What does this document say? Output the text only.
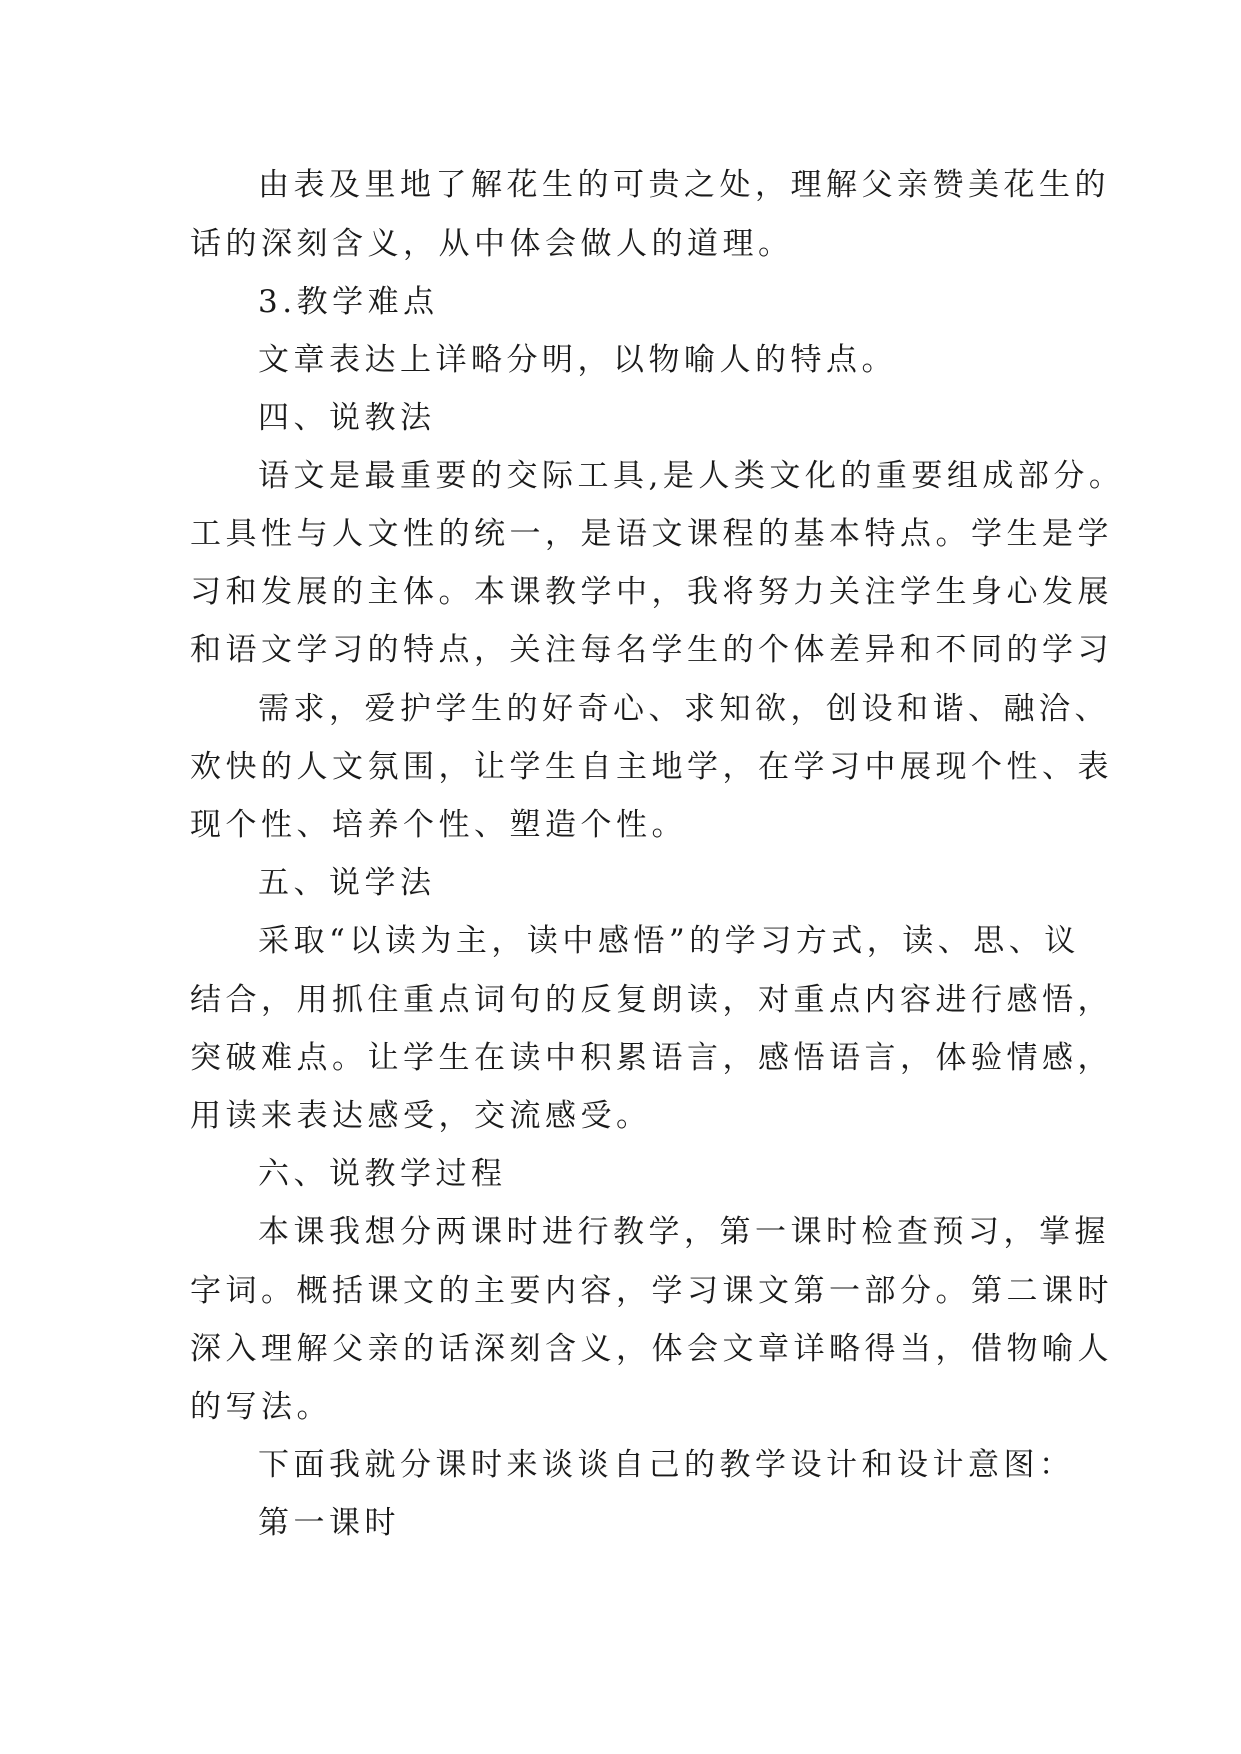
由表及里地了解花生的可贵之处，理解父亲赞美花生的
话的深刻含义，从中体会做人的道理。
3.教学难点
文章表达上详略分明，以物喻人的特点。
四、说教法
语文是最重要的交际工具,是人类文化的重要组成部分。
工具性与人文性的统一，是语文课程的基本特点。学生是学
习和发展的主体。本课教学中，我将努力关注学生身心发展
和语文学习的特点，关注每名学生的个体差异和不同的学习
需求，爱护学生的好奇心、求知欲，创设和谐、融洽、
欢快的人文氛围，让学生自主地学，在学习中展现个性、表
现个性、培养个性、塑造个性。
五、说学法
采取“以读为主，读中感悟”的学习方式，读、思、议
结合，用抓住重点词句的反复朗读，对重点内容进行感悟，
突破难点。让学生在读中积累语言，感悟语言，体验情感，
用读来表达感受，交流感受。
六、说教学过程
本课我想分两课时进行教学，第一课时检查预习，掌握
字词。概括课文的主要内容，学习课文第一部分。第二课时
深入理解父亲的话深刻含义，体会文章详略得当，借物喻人
的写法。
下面我就分课时来谈谈自己的教学设计和设计意图：
第一课时
